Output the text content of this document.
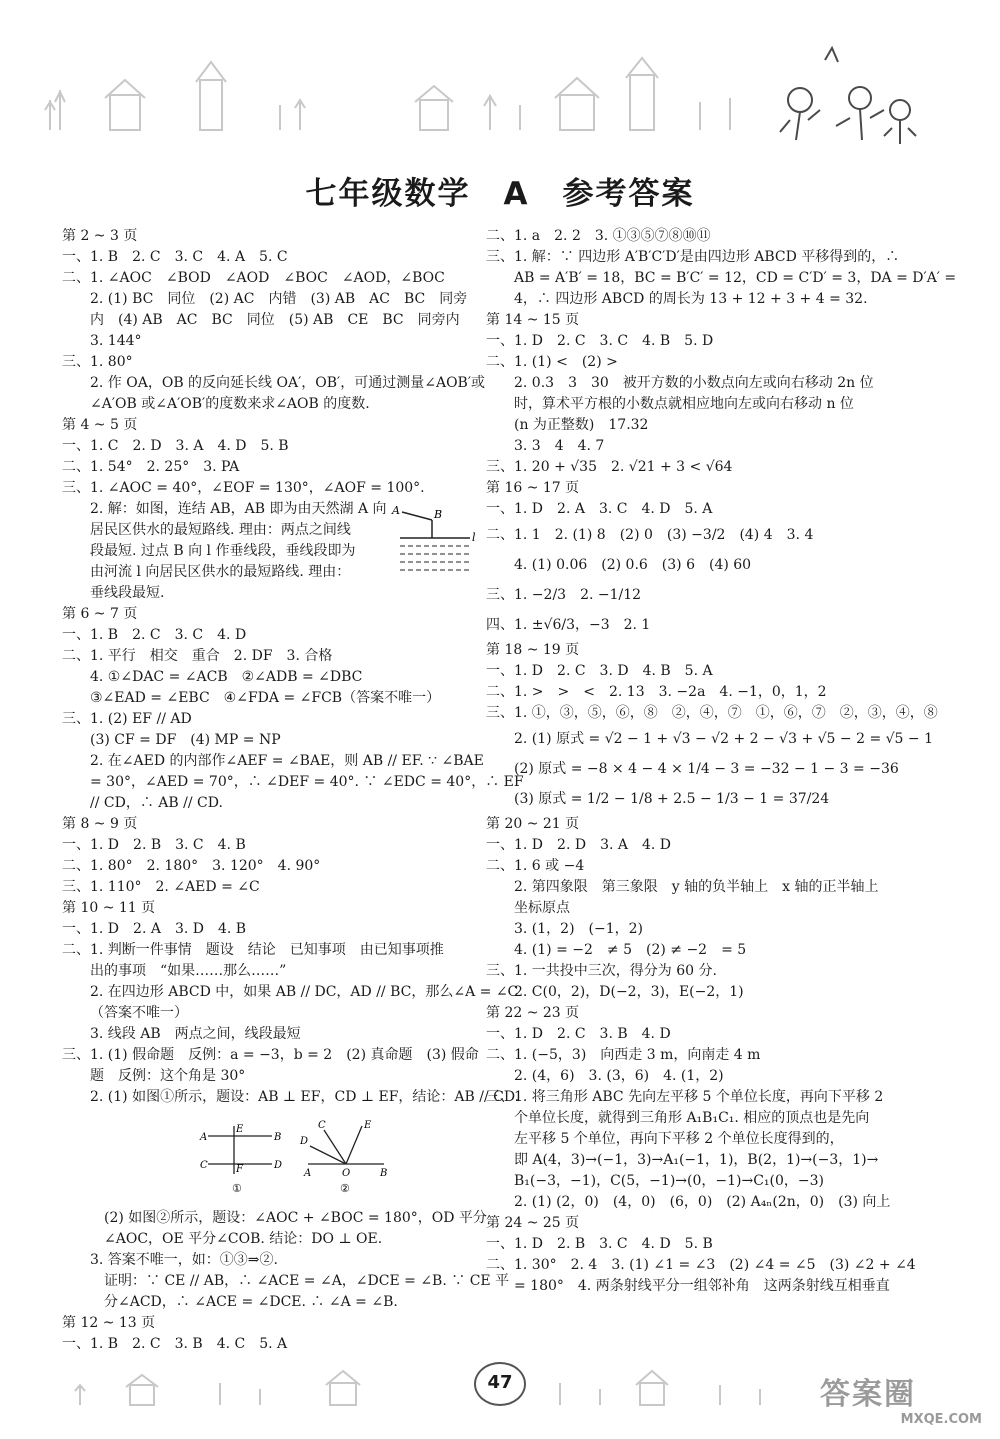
七年级数学　A　参考答案
第 2 ~ 3 页
一、1. B　2. C　3. C　4. A　5. C
二、1. ∠AOC　∠BOD　∠AOD　∠BOC　∠AOD，∠BOC
2. (1) BC　同位　(2) AC　内错　(3) AB　AC　BC　同旁
内　(4) AB　AC　BC　同位　(5) AB　CE　BC　同旁内
3. 144°
三、1. 80°
2. 作 OA，OB 的反向延长线 OA′，OB′，可通过测量∠AOB′或
∠A′OB 或∠A′OB′的度数来求∠AOB 的度数.
第 4 ~ 5 页
一、1. C　2. D　3. A　4. D　5. B
二、1. 54°　2. 25°　3. PA
三、1. ∠AOC = 40°，∠EOF = 130°，∠AOF = 100°.
2. 解：如图，连结 AB，AB 即为由天然湖 A 向
居民区供水的最短路线. 理由：两点之间线
段最短. 过点 B 向 l 作垂线段，垂线段即为
由河流 l 向居民区供水的最短路线. 理由：
垂线段最短.
第 6 ~ 7 页
一、1. B　2. C　3. C　4. D
二、1. 平行　相交　重合　2. DF　3. 合格
4. ①∠DAC = ∠ACB　②∠ADB = ∠DBC
③∠EAD = ∠EBC　④∠FDA = ∠FCB（答案不唯一）
三、1. (2) EF // AD
(3) CF = DF　(4) MP = NP
2. 在∠AED 的内部作∠AEF = ∠BAE，则 AB // EF. ∵ ∠BAE
= 30°，∠AED = 70°，∴ ∠DEF = 40°. ∵ ∠EDC = 40°，∴ EF
// CD，∴ AB // CD.
第 8 ~ 9 页
一、1. D　2. B　3. C　4. B
二、1. 80°　2. 180°　3. 120°　4. 90°
三、1. 110°　2. ∠AED = ∠C
第 10 ~ 11 页
一、1. D　2. A　3. D　4. B
二、1. 判断一件事情　题设　结论　已知事项　由已知事项推
出的事项　“如果……那么……”
2. 在四边形 ABCD 中，如果 AB // DC，AD // BC，那么∠A = ∠C
（答案不唯一）
3. 线段 AB　两点之间，线段最短
三、1. (1) 假命题　反例：a = −3，b = 2　(2) 真命题　(3) 假命
题　反例：这个角是 30°
2. (1) 如图①所示，题设：AB ⊥ EF，CD ⊥ EF，结论：AB // CD.
(2) 如图②所示，题设：∠AOC + ∠BOC = 180°，OD 平分
∠AOC，OE 平分∠COB. 结论：DO ⊥ OE.
3. 答案不唯一，如：①③⇒②.
证明：∵ CE // AB，∴ ∠ACE = ∠A，∠DCE = ∠B. ∵ CE 平
分∠ACD，∴ ∠ACE = ∠DCE. ∴ ∠A = ∠B.
第 12 ~ 13 页
一、1. B　2. C　3. B　4. C　5. A
二、1. a　2. 2　3. ①③⑤⑦⑧⑩⑪
三、1. 解：∵ 四边形 A′B′C′D′是由四边形 ABCD 平移得到的，∴
AB = A′B′ = 18，BC = B′C′ = 12，CD = C′D′ = 3，DA = D′A′ =
4，∴ 四边形 ABCD 的周长为 13 + 12 + 3 + 4 = 32.
第 14 ~ 15 页
一、1. D　2. C　3. C　4. B　5. D
二、1. (1) <　(2) >
2. 0.3　3　30　被开方数的小数点向左或向右移动 2n 位
时，算术平方根的小数点就相应地向左或向右移动 n 位
(n 为正整数)　17.32
3. 3　4　4. 7
三、1. 20 + √35　2. √21 + 3 < √64
第 16 ~ 17 页
一、1. D　2. A　3. C　4. D　5. A
二、1. 1　2. (1) 8　(2) 0　(3) −3/2　(4) 4　3. 4
4. (1) 0.06　(2) 0.6　(3) 6　(4) 60
三、1. −2/3　2. −1/12
四、1. ±√6/3，−3　2. 1
第 18 ~ 19 页
一、1. D　2. C　3. D　4. B　5. A
二、1. >　>　<　2. 13　3. −2a　4. −1，0，1，2
三、1. ①，③，⑤，⑥，⑧　②，④，⑦　①，⑥，⑦　②，③，④，⑧
2. (1) 原式 = √2 − 1 + √3 − √2 + 2 − √3 + √5 − 2 = √5 − 1
(2) 原式 = −8 × 4 − 4 × 1/4 − 3 = −32 − 1 − 3 = −36
(3) 原式 = 1/2 − 1/8 + 2.5 − 1/3 − 1 = 37/24
第 20 ~ 21 页
一、1. D　2. D　3. A　4. D
二、1. 6 或 −4
2. 第四象限　第三象限　y 轴的负半轴上　x 轴的正半轴上
坐标原点
3. (1，2)　(−1，2)
4. (1) = −2　≠ 5　(2) ≠ −2　= 5
三、1. 一共投中三次，得分为 60 分.
2. C(0，2)，D(−2，3)，E(−2，1)
第 22 ~ 23 页
一、1. D　2. C　3. B　4. D
二、1. (−5，3)　向西走 3 m，向南走 4 m
2. (4，6)　3. (3，6)　4. (1，2)
三、1. 将三角形 ABC 先向左平移 5 个单位长度，再向下平移 2
个单位长度，就得到三角形 A₁B₁C₁. 相应的顶点也是先向
左平移 5 个单位，再向下平移 2 个单位长度得到的，
即 A(4，3)→(−1，3)→A₁(−1，1)，B(2，1)→(−3，1)→
B₁(−3，−1)，C(5，−1)→(0，−1)→C₁(0，−3)
2. (1) (2，0)　(4，0)　(6，0)　(2) A₄ₙ(2n，0)　(3) 向上
第 24 ~ 25 页
一、1. D　2. B　3. C　4. D　5. B
二、1. 30°　2. 4　3. (1) ∠1 = ∠3　(2) ∠4 = ∠5　(3) ∠2 + ∠4
= 180°　4. 两条射线平分一组邻补角　这两条射线互相垂直
A	B
l
A
E
B
C	F	D
①
C
D
E
A	O	B
②
47	答案圈
MXQE.COM
